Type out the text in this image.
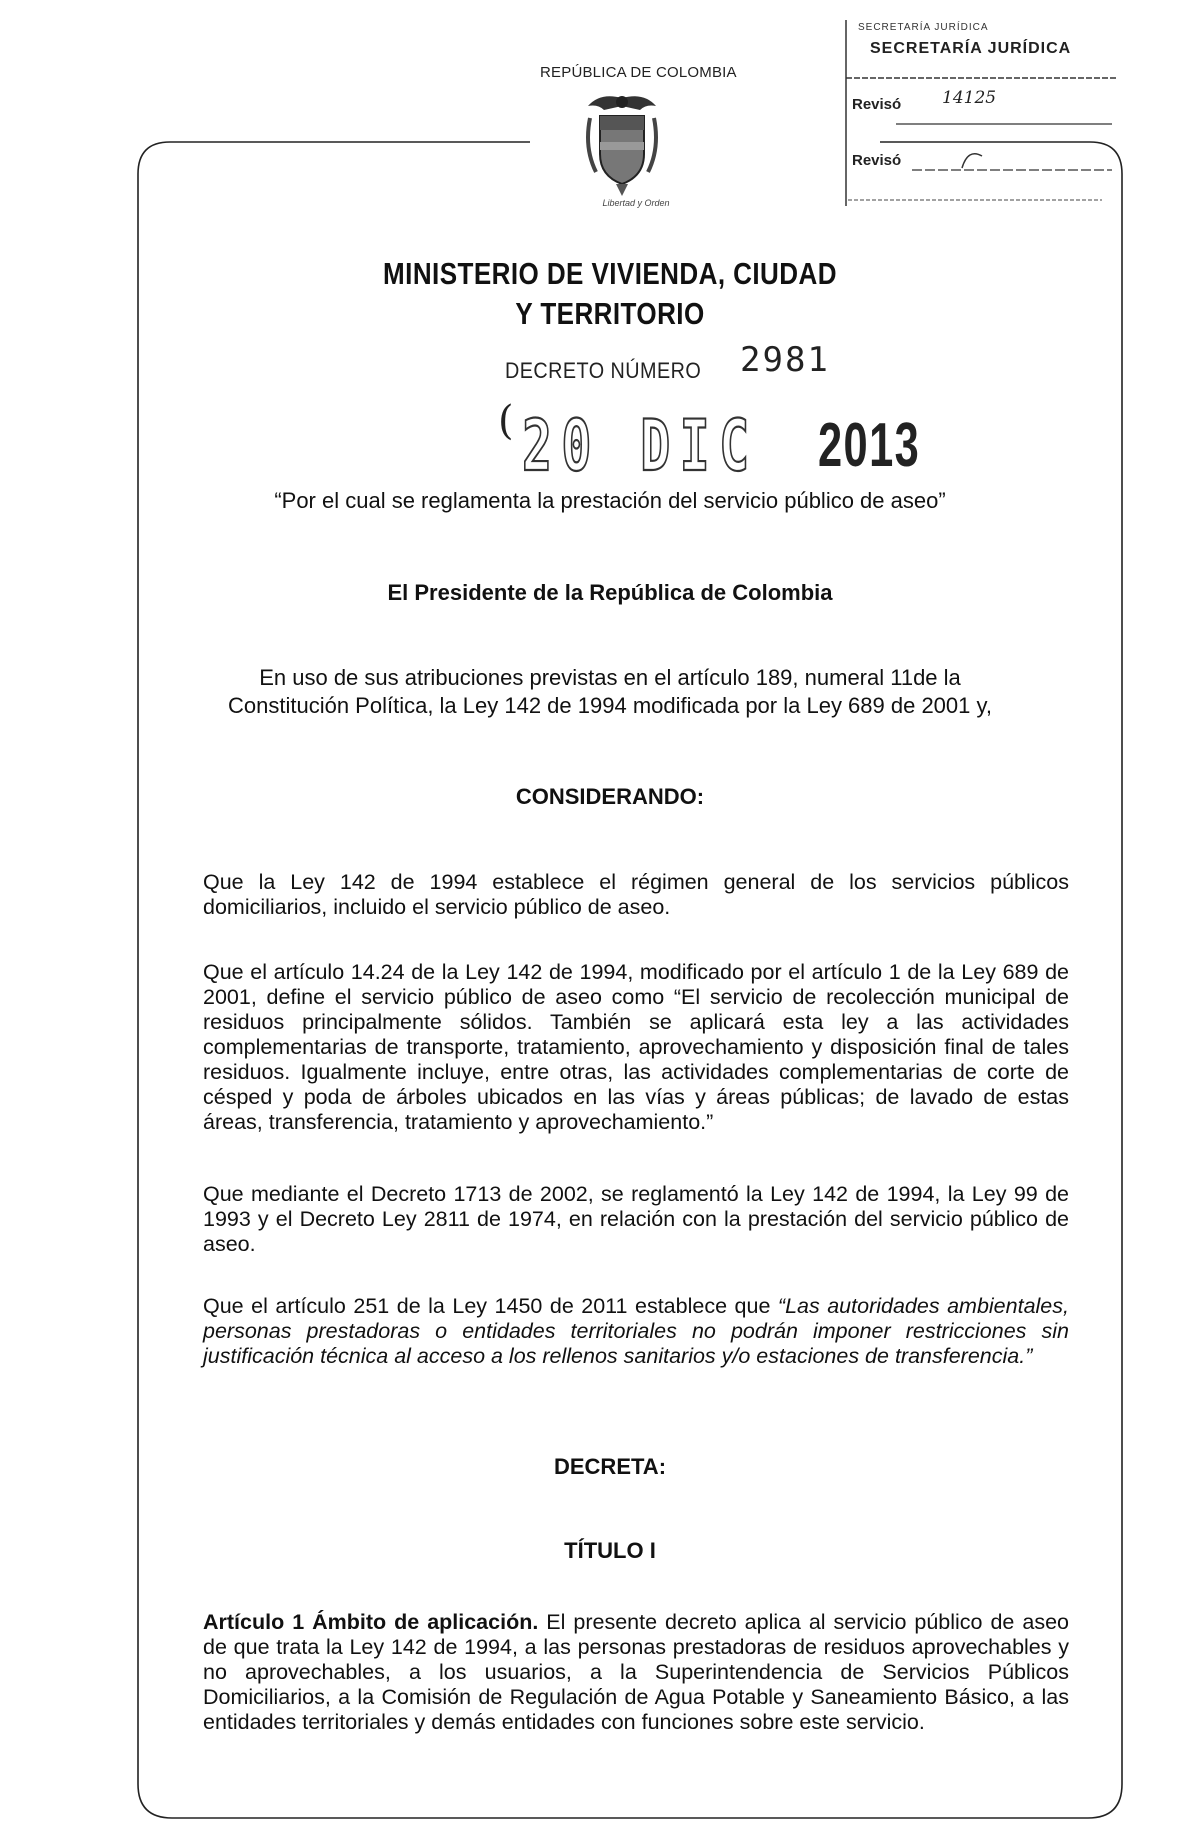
REPÚBLICA DE COLOMBIA
Libertad y Orden
SECRETARÍA JURÍDICA
SECRETARÍA JURÍDICA
Revisó 14125
Revisó
MINISTERIO DE VIVIENDA, CIUDAD Y TERRITORIO
DECRETO NÚMERO 2981
( 20 DIC 2013
“Por el cual se reglamenta la prestación del servicio público de aseo”
El Presidente de la República de Colombia
En uso de sus atribuciones previstas en el artículo 189, numeral 11de la Constitución Política, la Ley 142 de 1994 modificada por la Ley 689 de 2001 y,
CONSIDERANDO:
Que la Ley 142 de 1994 establece el régimen general de los servicios públicos domiciliarios, incluido el servicio público de aseo.
Que el artículo 14.24 de la Ley 142 de 1994, modificado por el artículo 1 de la Ley 689 de 2001, define el servicio público de aseo como “El servicio de recolección municipal de residuos principalmente sólidos. También se aplicará esta ley a las actividades complementarias de transporte, tratamiento, aprovechamiento y disposición final de tales residuos. Igualmente incluye, entre otras, las actividades complementarias de corte de césped y poda de árboles ubicados en las vías y áreas públicas; de lavado de estas áreas, transferencia, tratamiento y aprovechamiento.”
Que mediante el Decreto 1713 de 2002, se reglamentó la Ley 142 de 1994, la Ley 99 de 1993 y el Decreto Ley 2811 de 1974, en relación con la prestación del servicio público de aseo.
Que el artículo 251 de la Ley 1450 de 2011 establece que “Las autoridades ambientales, personas prestadoras o entidades territoriales no podrán imponer restricciones sin justificación técnica al acceso a los rellenos sanitarios y/o estaciones de transferencia.”
DECRETA:
TÍTULO I
Artículo 1 Ámbito de aplicación. El presente decreto aplica al servicio público de aseo de que trata la Ley 142 de 1994, a las personas prestadoras de residuos aprovechables y no aprovechables, a los usuarios, a la Superintendencia de Servicios Públicos Domiciliarios, a la Comisión de Regulación de Agua Potable y Saneamiento Básico, a las entidades territoriales y demás entidades con funciones sobre este servicio.
